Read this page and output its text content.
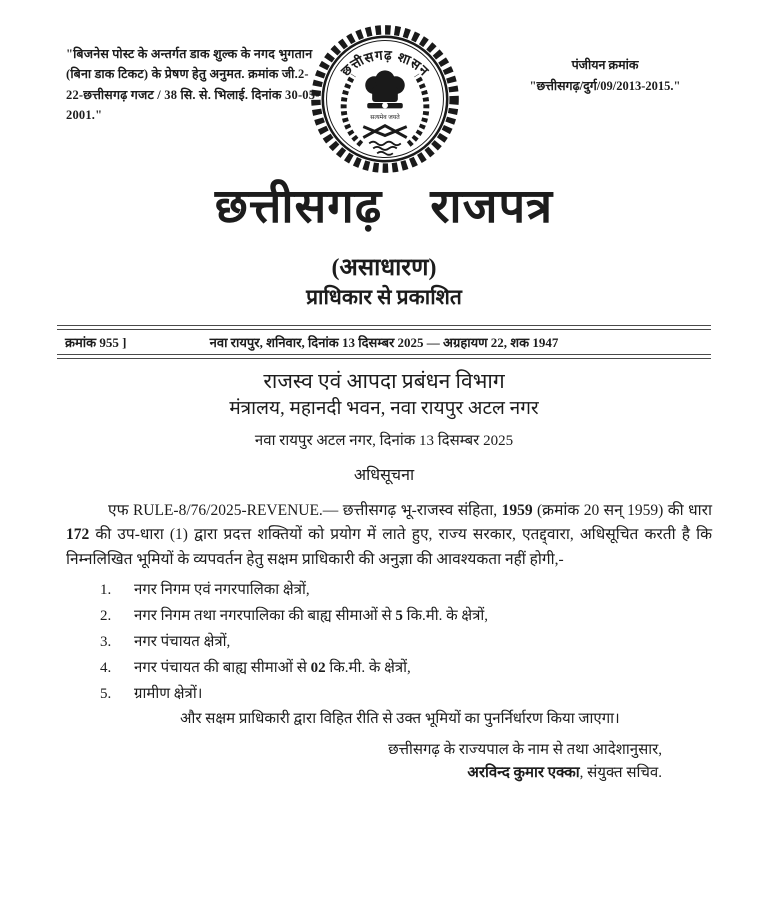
"बिजनेस पोस्ट के अन्तर्गत डाक शुल्क के नगद भुगतान (बिना डाक टिकट) के प्रेषण हेतु अनुमत. क्रमांक जी.2-22-छत्तीसगढ़ गजट / 38 सि. से. भिलाई. दिनांक 30-05-2001."
छत्तीसगढ़ शासन
सत्यमेव जयते
पंजीयन क्रमांक
"छत्तीसगढ़/दुर्ग/09/2013-2015."
छत्तीसगढ़ राजपत्र
(असाधारण)
प्राधिकार से प्रकाशित
क्रमांक 955 ]	नवा रायपुर, शनिवार, दिनांक 13 दिसम्बर 2025 — अग्रहायण 22, शक 1947
राजस्व एवं आपदा प्रबंधन विभाग
मंत्रालय, महानदी भवन, नवा रायपुर अटल नगर
नवा रायपुर अटल नगर, दिनांक 13 दिसम्बर 2025
अधिसूचना
एफ RULE-8/76/2025-REVENUE.— छत्तीसगढ़ भू-राजस्व संहिता, 1959 (क्रमांक 20 सन् 1959) की धारा 172 की उप-धारा (1) द्वारा प्रदत्त शक्तियों को प्रयोग में लाते हुए, राज्य सरकार, एतद्द्वारा, अधिसूचित करती है कि निम्नलिखित भूमियों के व्यपवर्तन हेतु सक्षम प्राधिकारी की अनुज्ञा की आवश्यकता नहीं होगी,-
1.	नगर निगम एवं नगरपालिका क्षेत्रों,
2.	नगर निगम तथा नगरपालिका की बाह्य सीमाओं से 5 कि.मी. के क्षेत्रों,
3.	नगर पंचायत क्षेत्रों,
4.	नगर पंचायत की बाह्य सीमाओं से 02 कि.मी. के क्षेत्रों,
5.	ग्रामीण क्षेत्रों।
और सक्षम प्राधिकारी द्वारा विहित रीति से उक्त भूमियों का पुनर्निर्धारण किया जाएगा।
छत्तीसगढ़ के राज्यपाल के नाम से तथा आदेशानुसार,
अरविन्द कुमार एक्का, संयुक्त सचिव.
